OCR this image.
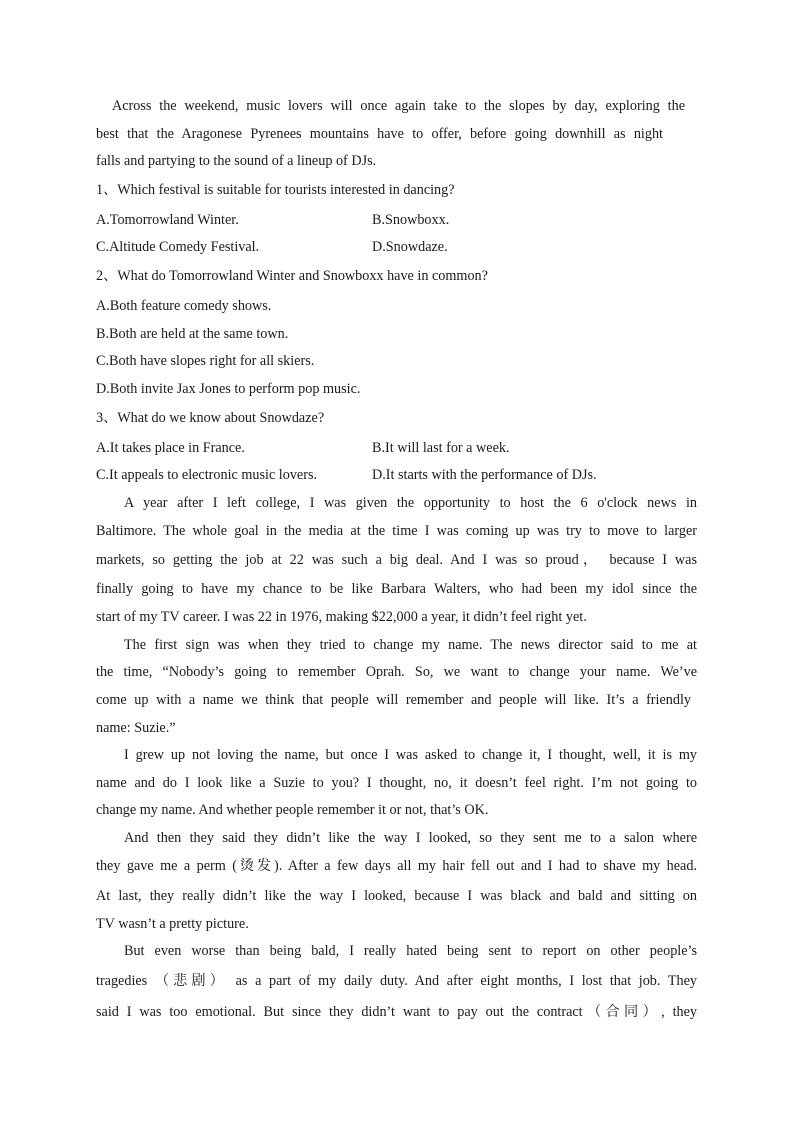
Across the weekend, music lovers will once again take to the slopes by day, exploring the
best that the Aragonese Pyrenees mountains have to offer, before going downhill as night
falls and partying to the sound of a lineup of DJs.
1、Which festival is suitable for tourists interested in dancing?
A.Tomorrowland Winter.	B.Snowboxx.
C.Altitude Comedy Festival.	D.Snowdaze.
2、What do Tomorrowland Winter and Snowboxx have in common?
A.Both feature comedy shows.
B.Both are held at the same town.
C.Both have slopes right for all skiers.
D.Both invite Jax Jones to perform pop music.
3、What do we know about Snowdaze?
A.It takes place in France.	B.It will last for a week.
C.It appeals to electronic music lovers.	D.It starts with the performance of DJs.
A year after I left college, I was given the opportunity to host the 6 o'clock news in
Baltimore. The whole goal in the media at the time I was coming up was try to move to larger
markets, so getting the job at 22 was such a big deal. And I was so proud， because I was
finally going to have my chance to be like Barbara Walters, who had been my idol since the
start of my TV career. I was 22 in 1976, making $22,000 a year, it didn’t feel right yet.
The first sign was when they tried to change my name. The news director said to me at
the time, “Nobody’s going to remember Oprah. So, we want to change your name. We’ve
come up with a name we think that people will remember and people will like. It’s a friendly
name: Suzie.”
I grew up not loving the name, but once I was asked to change it, I thought, well, it is my
name and do I look like a Suzie to you? I thought, no, it doesn’t feel right. I’m not going to
change my name. And whether people remember it or not, that’s OK.
And then they said they didn’t like the way I looked, so they sent me to a salon where
they gave me a perm (烫发). After a few days all my hair fell out and I had to shave my head.
At last, they really didn’t like the way I looked, because I was black and bald and sitting on
TV wasn’t a pretty picture.
But even worse than being bald, I really hated being sent to report on other people’s
tragedies （悲剧） as a part of my daily duty. And after eight months, I lost that job. They
said I was too emotional. But since they didn’t want to pay out the contract（合同）, they
